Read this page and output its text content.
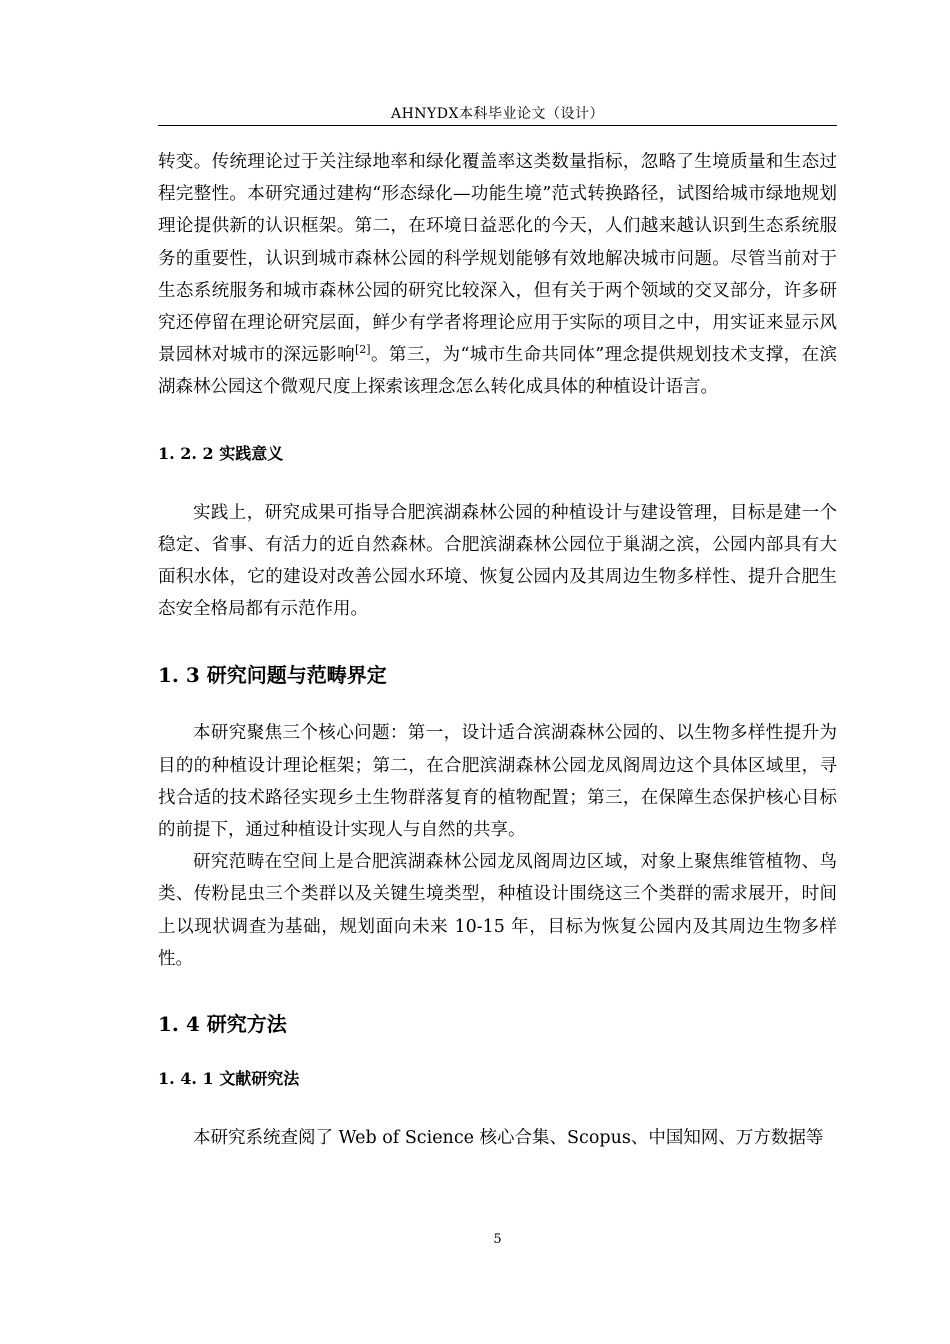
AHNYDX本科毕业论文（设计）

转变。传统理论过于关注绿地率和绿化覆盖率这类数量指标，忽略了生境质量和生态过程完整性。本研究通过建构“形态绿化—功能生境”范式转换路径，试图给城市绿地规划理论提供新的认识框架。第二，在环境日益恶化的今天，人们越来越认识到生态系统服务的重要性，认识到城市森林公园的科学规划能够有效地解决城市问题。尽管当前对于生态系统服务和城市森林公园的研究比较深入，但有关于两个领域的交叉部分，许多研究还停留在理论研究层面，鲜少有学者将理论应用于实际的项目之中，用实证来显示风景园林对城市的深远影响[2]。第三，为“城市生命共同体”理念提供规划技术支撑，在滨湖森林公园这个微观尺度上探索该理念怎么转化成具体的种植设计语言。

1. 2. 2 实践意义

实践上，研究成果可指导合肥滨湖森林公园的种植设计与建设管理，目标是建一个稳定、省事、有活力的近自然森林。合肥滨湖森林公园位于巢湖之滨，公园内部具有大面积水体，它的建设对改善公园水环境、恢复公园内及其周边生物多样性、提升合肥生态安全格局都有示范作用。

1. 3 研究问题与范畴界定

本研究聚焦三个核心问题：第一，设计适合滨湖森林公园的、以生物多样性提升为目的的种植设计理论框架；第二，在合肥滨湖森林公园龙凤阁周边这个具体区域里，寻找合适的技术路径实现乡土生物群落复育的植物配置；第三，在保障生态保护核心目标的前提下，通过种植设计实现人与自然的共享。

研究范畴在空间上是合肥滨湖森林公园龙凤阁周边区域，对象上聚焦维管植物、鸟类、传粉昆虫三个类群以及关键生境类型，种植设计围绕这三个类群的需求展开，时间上以现状调查为基础，规划面向未来 10-15 年，目标为恢复公园内及其周边生物多样性。

1. 4 研究方法

1. 4. 1 文献研究法

本研究系统查阅了 Web of Science 核心合集、Scopus、中国知网、万方数据等

5
